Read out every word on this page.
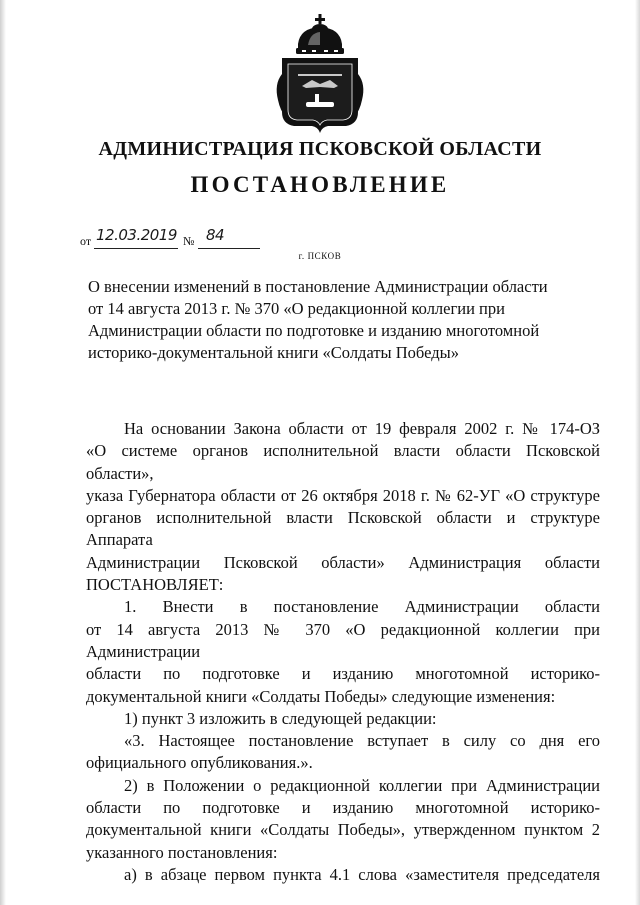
АДМИНИСТРАЦИЯ ПСКОВСКОЙ ОБЛАСТИ
ПОСТАНОВЛЕНИЕ
от 12.03.2019 № 84
г. ПСКОВ
О внесении изменений в постановление Администрации области
от 14 августа 2013 г. № 370 «О редакционной коллегии при
Администрации области по подготовке и изданию многотомной
историко-документальной книги «Солдаты Победы»
На основании Закона области от 19 февраля 2002 г. № 174-ОЗ
«О системе органов исполнительной власти области Псковской области»,
указа Губернатора области от 26 октября 2018 г. № 62-УГ «О структуре
органов исполнительной власти Псковской области и структуре Аппарата
Администрации Псковской области» Администрация области
ПОСТАНОВЛЯЕТ:
1. Внести в постановление Администрации области
от 14 августа 2013 № 370 «О редакционной коллегии при Администрации
области по подготовке и изданию многотомной историко-
документальной книги «Солдаты Победы» следующие изменения:
1) пункт 3 изложить в следующей редакции:
«3. Настоящее постановление вступает в силу со дня его
официального опубликования.».
2) в Положении о редакционной коллегии при Администрации
области по подготовке и изданию многотомной историко-
документальной книги «Солдаты Победы», утвержденном пунктом 2
указанного постановления:
а) в абзаце первом пункта 4.1 слова «заместителя председателя
